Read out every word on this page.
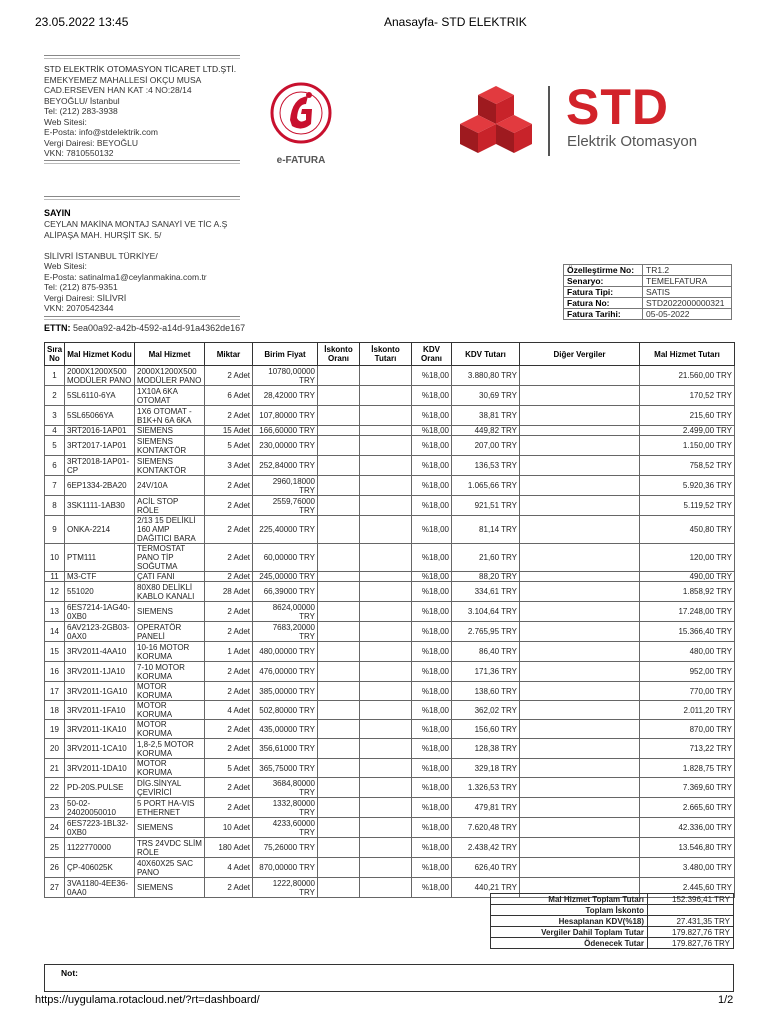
23.05.2022 13:45	Anasayfa- STD ELEKTRIK
STD ELEKTRİK OTOMASYON TİCARET LTD.ŞTİ.
EMEKYEMEZ MAHALLESİ OKÇU MUSA
CAD.ERSEVEN HAN KAT :4 NO:28/14
BEYOĞLU/ İstanbul
Tel: (212) 283-3938
Web Sitesi:
E-Posta: info@stdelektrik.com
Vergi Dairesi: BEYOĞLU
VKN: 7810550132
e-FATURA
STD
Elektrik Otomasyon
SAYIN
CEYLAN MAKİNA MONTAJ SANAYİ VE TİC A.Ş
ALİPAŞA MAH. HURŞİT SK. 5/
SİLİVRİ İSTANBUL TÜRKİYE/
Web Sitesi:
E-Posta: satinalma1@ceylanmakina.com.tr
Tel: (212) 875-9351
Vergi Dairesi: SİLİVRİ
VKN: 2070542344
Özelleştirme No:	TR1.2
Senaryo:	TEMELFATURA
Fatura Tipi:	SATIS
Fatura No:	STD2022000000321
Fatura Tarihi:	05-05-2022
ETTN: 5ea00a92-a42b-4592-a14d-91a4362de167
Sıra No	Mal Hizmet Kodu	Mal Hizmet	Miktar	Birim Fiyat	İskonto Oranı	İskonto Tutarı	KDV Oranı	KDV Tutarı	Diğer Vergiler	Mal Hizmet Tutarı
1	2000X1200X500 MODÜLER PANO	2000X1200X500 MODÜLER PANO	2 Adet	10780,00000 TRY			%18,00	3.880,80 TRY		21.560,00 TRY
2	5SL6110-6YA	1X10A 6KA OTOMAT	6 Adet	28,42000 TRY			%18,00	30,69 TRY		170,52 TRY
3	5SL65066YA	1X6 OTOMAT - B1K+N 6A 6KA	2 Adet	107,80000 TRY			%18,00	38,81 TRY		215,60 TRY
4	3RT2016-1AP01	SIEMENS	15 Adet	166,60000 TRY			%18,00	449,82 TRY		2.499,00 TRY
5	3RT2017-1AP01	SIEMENS KONTAKTÖR	5 Adet	230,00000 TRY			%18,00	207,00 TRY		1.150,00 TRY
6	3RT2018-1AP01-CP	SIEMENS KONTAKTÖR	3 Adet	252,84000 TRY			%18,00	136,53 TRY		758,52 TRY
7	6EP1334-2BA20	24V/10A	2 Adet	2960,18000 TRY			%18,00	1.065,66 TRY		5.920,36 TRY
8	3SK1111-1AB30	ACİL STOP RÖLE	2 Adet	2559,76000 TRY			%18,00	921,51 TRY		5.119,52 TRY
9	ONKA-2214	2/13 15 DELİKLİ 160 AMP DAĞITICI BARA	2 Adet	225,40000 TRY			%18,00	81,14 TRY		450,80 TRY
10	PTM111	TERMOSTAT PANO TİP SOĞUTMA	2 Adet	60,00000 TRY			%18,00	21,60 TRY		120,00 TRY
11	M3-CTF	ÇATI FANI	2 Adet	245,00000 TRY			%18,00	88,20 TRY		490,00 TRY
12	551020	80X80 DELİKLİ KABLO KANALI	28 Adet	66,39000 TRY			%18,00	334,61 TRY		1.858,92 TRY
13	6ES7214-1AG40-0XB0	SIEMENS	2 Adet	8624,00000 TRY			%18,00	3.104,64 TRY		17.248,00 TRY
14	6AV2123-2GB03-0AX0	OPERATÖR PANELİ	2 Adet	7683,20000 TRY			%18,00	2.765,95 TRY		15.366,40 TRY
15	3RV2011-4AA10	10-16 MOTOR KORUMA	1 Adet	480,00000 TRY			%18,00	86,40 TRY		480,00 TRY
16	3RV2011-1JA10	7-10 MOTOR KORUMA	2 Adet	476,00000 TRY			%18,00	171,36 TRY		952,00 TRY
17	3RV2011-1GA10	MOTOR KORUMA	2 Adet	385,00000 TRY			%18,00	138,60 TRY		770,00 TRY
18	3RV2011-1FA10	MOTOR KORUMA	4 Adet	502,80000 TRY			%18,00	362,02 TRY		2.011,20 TRY
19	3RV2011-1KA10	MOTOR KORUMA	2 Adet	435,00000 TRY			%18,00	156,60 TRY		870,00 TRY
20	3RV2011-1CA10	1,8-2,5 MOTOR KORUMA	2 Adet	356,61000 TRY			%18,00	128,38 TRY		713,22 TRY
21	3RV2011-1DA10	MOTOR KORUMA	5 Adet	365,75000 TRY			%18,00	329,18 TRY		1.828,75 TRY
22	PD-20S.PULSE	DİG.SİNYAL ÇEVİRİCİ	2 Adet	3684,80000 TRY			%18,00	1.326,53 TRY		7.369,60 TRY
23	50-02-24020050010	5 PORT HA-VIS ETHERNET	2 Adet	1332,80000 TRY			%18,00	479,81 TRY		2.665,60 TRY
24	6ES7223-1BL32-0XB0	SIEMENS	10 Adet	4233,60000 TRY			%18,00	7.620,48 TRY		42.336,00 TRY
25	1122770000	TRS 24VDC SLİM RÖLE	180 Adet	75,26000 TRY			%18,00	2.438,42 TRY		13.546,80 TRY
26	ÇP-406025K	40X60X25 SAC PANO	4 Adet	870,00000 TRY			%18,00	626,40 TRY		3.480,00 TRY
27	3VA1180-4EE36-0AA0	SIEMENS	2 Adet	1222,80000 TRY			%18,00	440,21 TRY		2.445,60 TRY
Mal Hizmet Toplam Tutarı	152.396,41 TRY
Toplam İskonto	
Hesaplanan KDV(%18)	27.431,35 TRY
Vergiler Dahil Toplam Tutar	179.827,76 TRY
Ödenecek Tutar	179.827,76 TRY
Not:
https://uygulama.rotacloud.net/?rt=dashboard/	1/2
